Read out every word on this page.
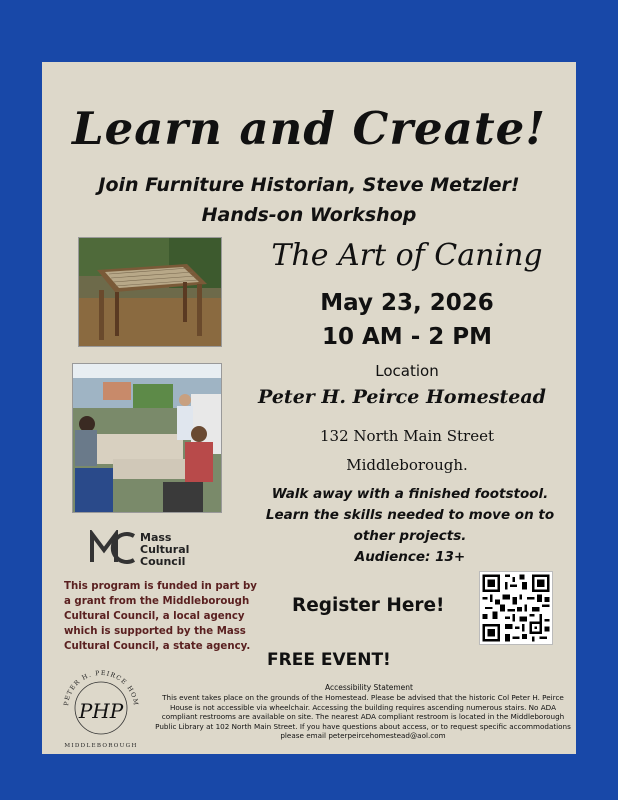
Learn and Create!
Join Furniture Historian, Steve Metzler!
Hands-on Workshop
The Art of Caning
May 23, 2026
10 AM - 2 PM
Location
Peter H. Peirce Homestead
132 North Main Street
Middleborough.
Walk away with a finished footstool.
Learn the skills needed to move on to
other projects.
Audience: 13+
Mass
Cultural
Council
This program is funded in part by a grant from the Middleborough Cultural Council, a local agency which is supported by the Mass Cultural Council, a state agency.
Register Here!
FREE EVENT!
Accessibility Statement
This event takes place on the grounds of the Homestead. Please be advised that the historic Col Peter H. Peirce House is not accessible via wheelchair. Accessing the building requires ascending numerous stairs. No ADA compliant restrooms are available on site. The nearest ADA compliant restroom is located in the Middleborough Public Library at 102 North Main Street. If you have questions about access, or to request specific accommodations please email peterpeircehomestead@aol.com
PETER H. PEIRCE HOM
PHP
MIDDLEBOROUGH
